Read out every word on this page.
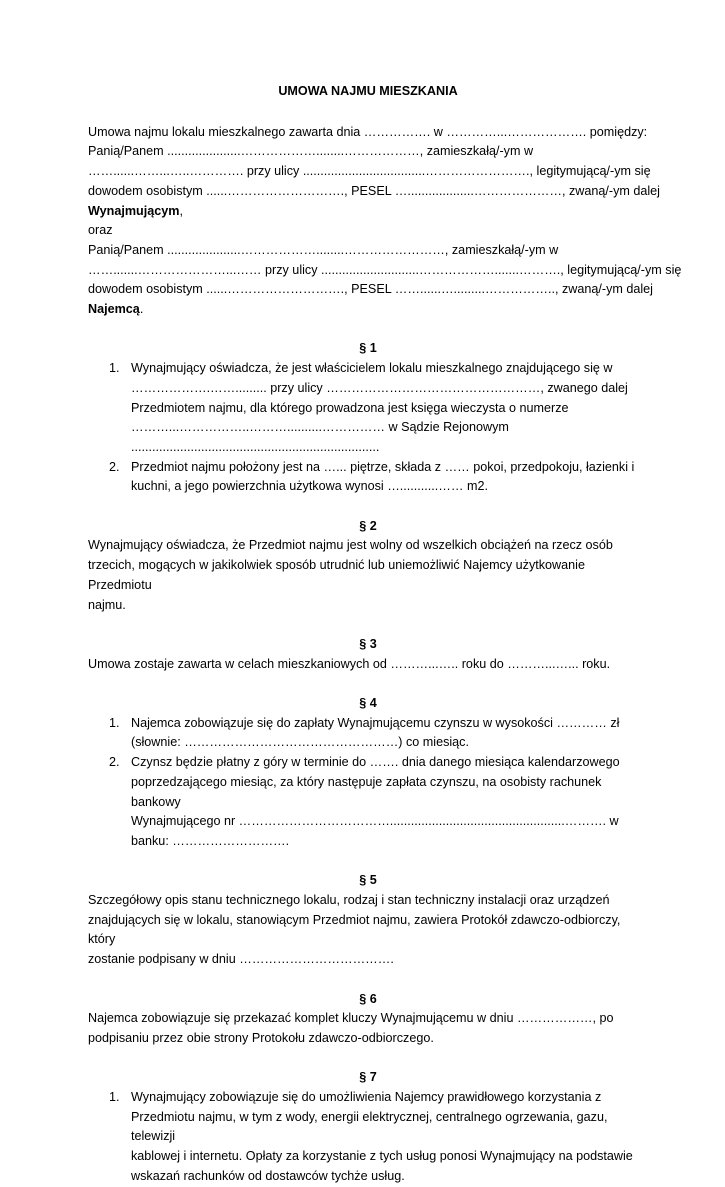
UMOWA NAJMU MIESZKANIA

Umowa najmu lokalu mieszkalnego zawarta dnia ……………. w …………...………………. pomiędzy:

Panią/Panem .....................………………........………………, zamieszkałą/-ym w

……......……...…..…………. przy ulicy ...................................……………………., legitymującą/-ym się

dowodem osobistym ......………………………., PESEL …...................…………………, zwaną/-ym dalej

Wynajmującym,

oraz

Panią/Panem .....................………………........……………………, zamieszkałą/-ym w

…….......…………………...…… przy ulicy ............................……………….......………., legitymującą/-ym się

dowodem osobistym ......………………………., PESEL ……......….........…………….., zwaną/-ym dalej

Najemcą.

§ 1

1. Wynajmujący oświadcza, że jest właścicielem lokalu mieszkalnego znajdującego się w

……………….……......... przy ulicy ……………………………………………, zwanego dalej

Przedmiotem najmu, dla którego prowadzona jest księga wieczysta o numerze

………...……………..………..........…………… w Sądzie Rejonowym

.......................................................................

2. Przedmiot najmu położony jest na …... piętrze, składa z …… pokoi, przedpokoju, łazienki i

kuchni, a jego powierzchnia użytkowa wynosi …...........…… m2.

§ 2

Wynajmujący oświadcza, że Przedmiot najmu jest wolny od wszelkich obciążeń na rzecz osób

trzecich, mogących w jakikolwiek sposób utrudnić lub uniemożliwić Najemcy użytkowanie Przedmiotu

najmu.

§ 3

Umowa zostaje zawarta w celach mieszkaniowych od ………...….. roku do ………...…... roku.

§ 4

1. Najemca zobowiązuje się do zapłaty Wynajmującemu czynszu w wysokości ………… zł

(słownie: ……………………………………………) co miesiąc.

2. Czynsz będzie płatny z góry w terminie do ……. dnia danego miesiąca kalendarzowego

poprzedzającego miesiąc, za który następuje zapłata czynszu, na osobisty rachunek bankowy

Wynajmującego nr ………………………………..................................................………. w

banku: ……………………….

§ 5

Szczegółowy opis stanu technicznego lokalu, rodzaj i stan techniczny instalacji oraz urządzeń

znajdujących się w lokalu, stanowiącym Przedmiot najmu, zawiera Protokół zdawczo-odbiorczy, który

zostanie podpisany w dniu ……………………………….

§ 6

Najemca zobowiązuje się przekazać komplet kluczy Wynajmującemu w dniu ………………, po

podpisaniu przez obie strony Protokołu zdawczo-odbiorczego.

§ 7

1. Wynajmujący zobowiązuje się do umożliwienia Najemcy prawidłowego korzystania z

Przedmiotu najmu, w tym z wody, energii elektrycznej, centralnego ogrzewania, gazu, telewizji

kablowej i internetu. Opłaty za korzystanie z tych usług ponosi Wynajmujący na podstawie

wskazań rachunków od dostawców tychże usług.
